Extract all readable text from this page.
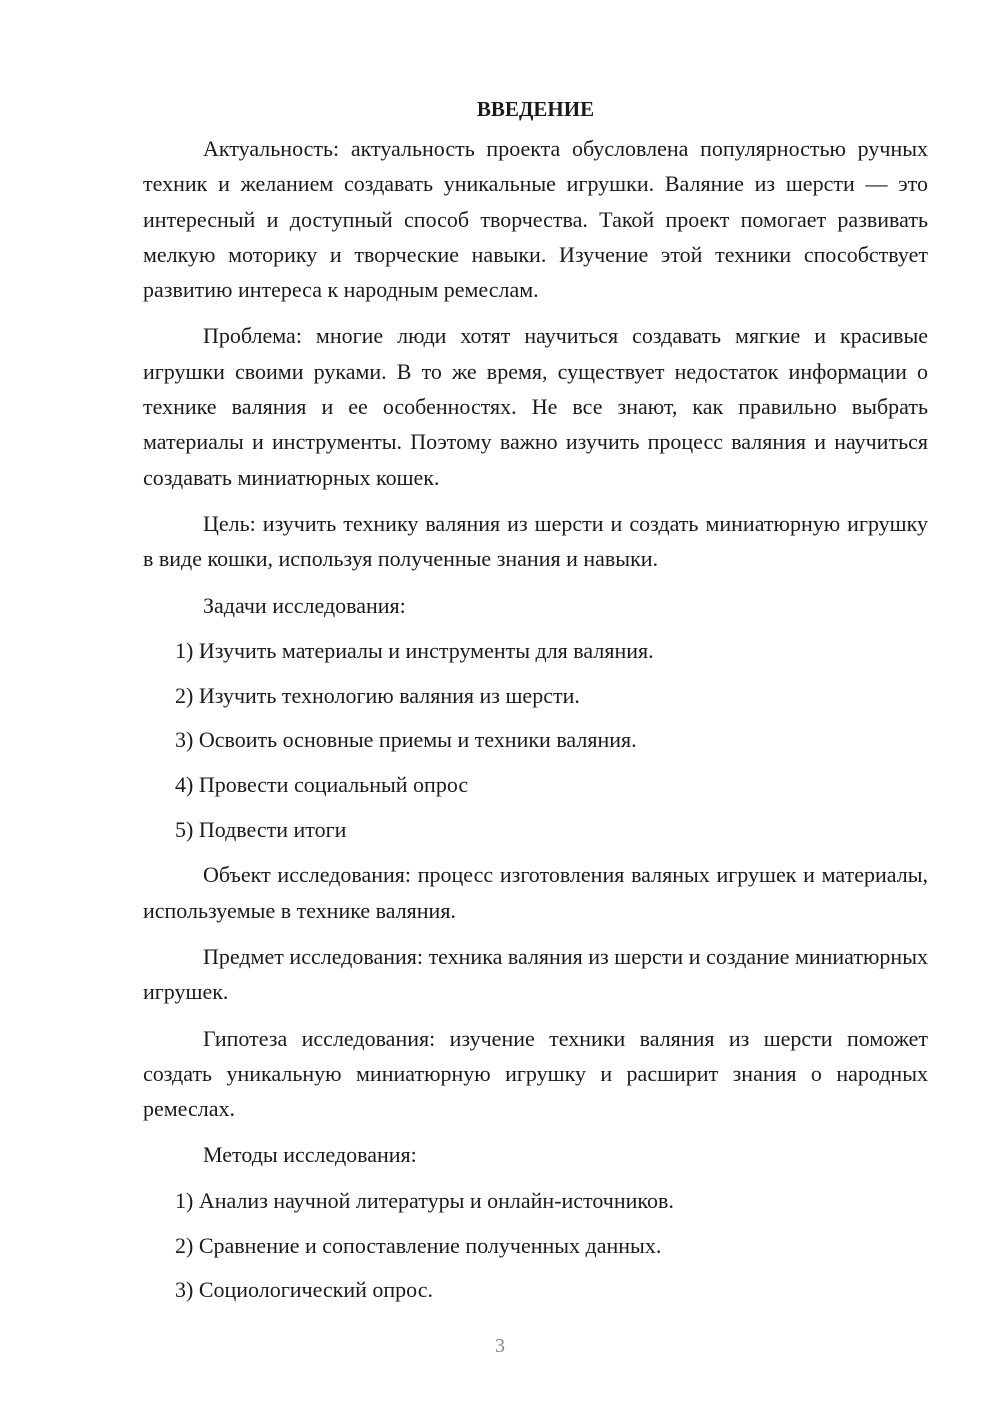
ВВЕДЕНИЕ

Актуальность: актуальность проекта обусловлена популярностью ручных техник и желанием создавать уникальные игрушки. Валяние из шерсти — это интересный и доступный способ творчества. Такой проект помогает развивать мелкую моторику и творческие навыки. Изучение этой техники способствует развитию интереса к народным ремеслам.

Проблема: многие люди хотят научиться создавать мягкие и красивые игрушки своими руками. В то же время, существует недостаток информации о технике валяния и ее особенностях. Не все знают, как правильно выбрать материалы и инструменты. Поэтому важно изучить процесс валяния и научиться создавать миниатюрных кошек.

Цель: изучить технику валяния из шерсти и создать миниатюрную игрушку в виде кошки, используя полученные знания и навыки.

Задачи исследования:

1) Изучить материалы и инструменты для валяния.
2) Изучить технологию валяния из шерсти.
3) Освоить основные приемы и техники валяния.
4) Провести социальный опрос
5) Подвести итоги

Объект исследования: процесс изготовления валяных игрушек и материалы, используемые в технике валяния.

Предмет исследования: техника валяния из шерсти и создание миниатюрных игрушек.

Гипотеза исследования: изучение техники валяния из шерсти поможет создать уникальную миниатюрную игрушку и расширит знания о народных ремеслах.

Методы исследования:

1) Анализ научной литературы и онлайн-источников.
2) Сравнение и сопоставление полученных данных.
3) Социологический опрос.
3
